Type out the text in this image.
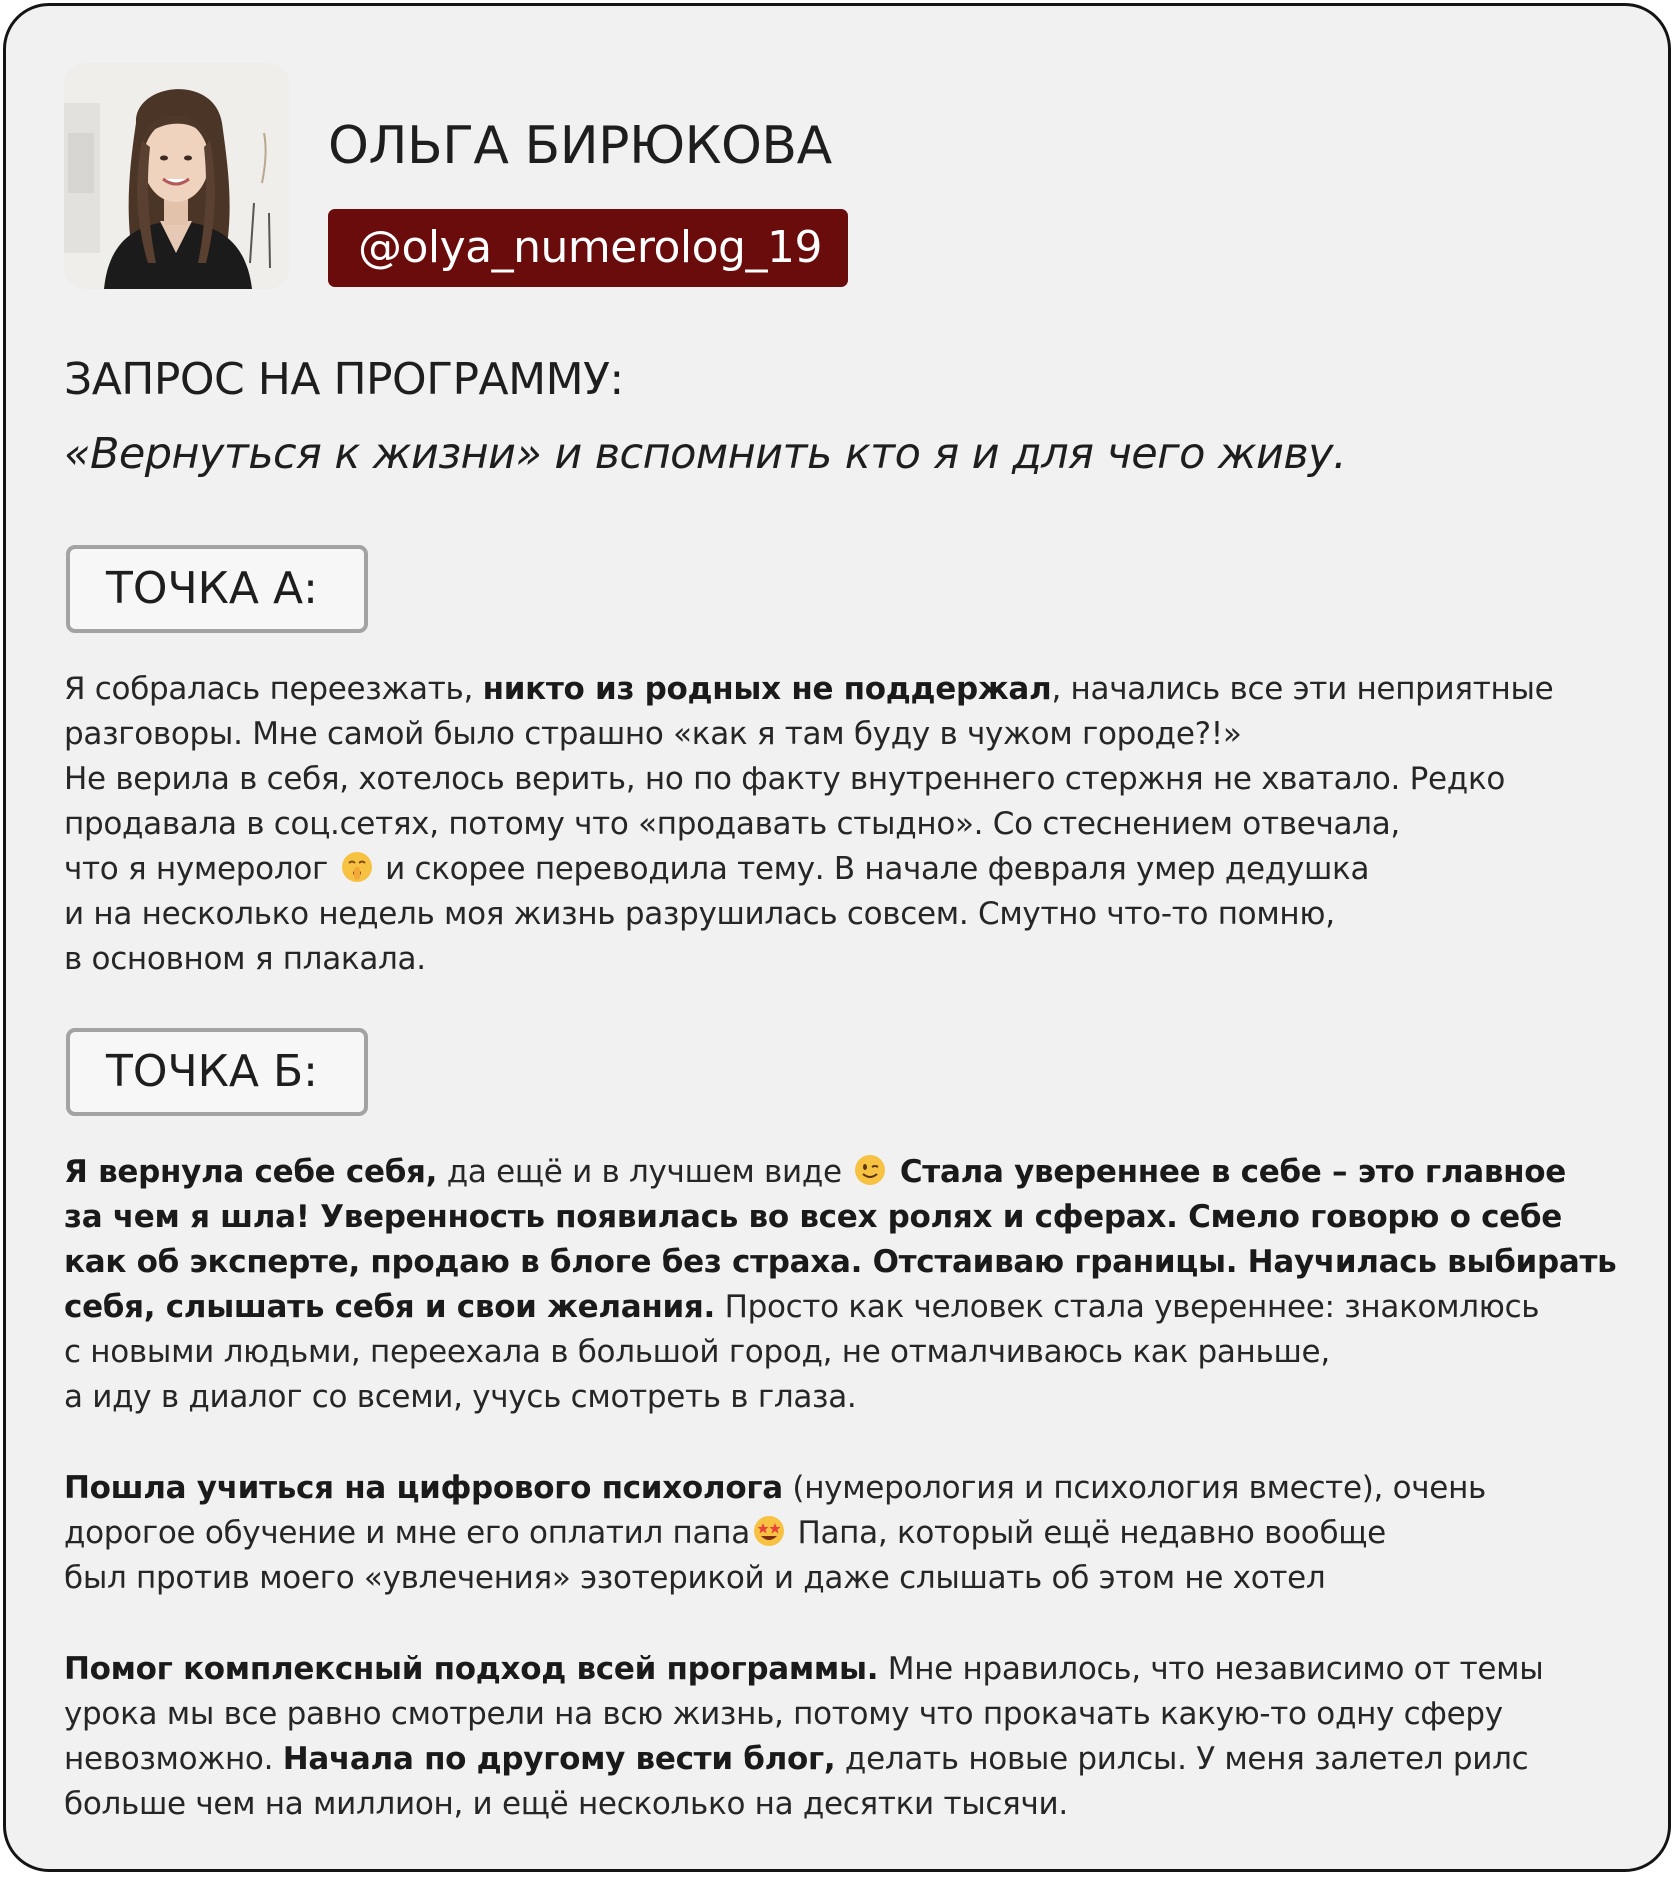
ОЛЬГА БИРЮКОВА
@olya_numerolog_19
ЗАПРОС НА ПРОГРАММУ:
«Вернуться к жизни» и вспомнить кто я и для чего живу.
ТОЧКА А:
Я собралась переезжать, никто из родных не поддержал, начались все эти неприятные
разговоры. Мне самой было страшно «как я там буду в чужом городе?!»
Не верила в себя, хотелось верить, но по факту внутреннего стержня не хватало. Редко
продавала в соц.сетях, потому что «продавать стыдно». Со стеснением отвечала,
что я нумеролог  и скорее переводила тему. В начале февраля умер дедушка
и на несколько недель моя жизнь разрушилась совсем. Смутно что-то помню,
в основном я плакала.
ТОЧКА Б:
Я вернула себе себя, да ещё и в лучшем виде  Стала увереннее в себе – это главное
за чем я шла! Уверенность появилась во всех ролях и сферах. Смело говорю о себе
как об эксперте, продаю в блоге без страха. Отстаиваю границы. Научилась выбирать
себя, слышать себя и свои желания. Просто как человек стала увереннее: знакомлюсь
с новыми людьми, переехала в большой город, не отмалчиваюсь как раньше,
а иду в диалог со всеми, учусь смотреть в глаза.
Пошла учиться на цифрового психолога (нумерология и психология вместе), очень
дорогое обучение и мне его оплатил папа Папа, который ещё недавно вообще
был против моего «увлечения» эзотерикой и даже слышать об этом не хотел
Помог комплексный подход всей программы. Мне нравилось, что независимо от темы
урока мы все равно смотрели на всю жизнь, потому что прокачать какую-то одну сферу
невозможно. Начала по другому вести блог, делать новые рилсы. У меня залетел рилс
больше чем на миллион, и ещё несколько на десятки тысячи.
